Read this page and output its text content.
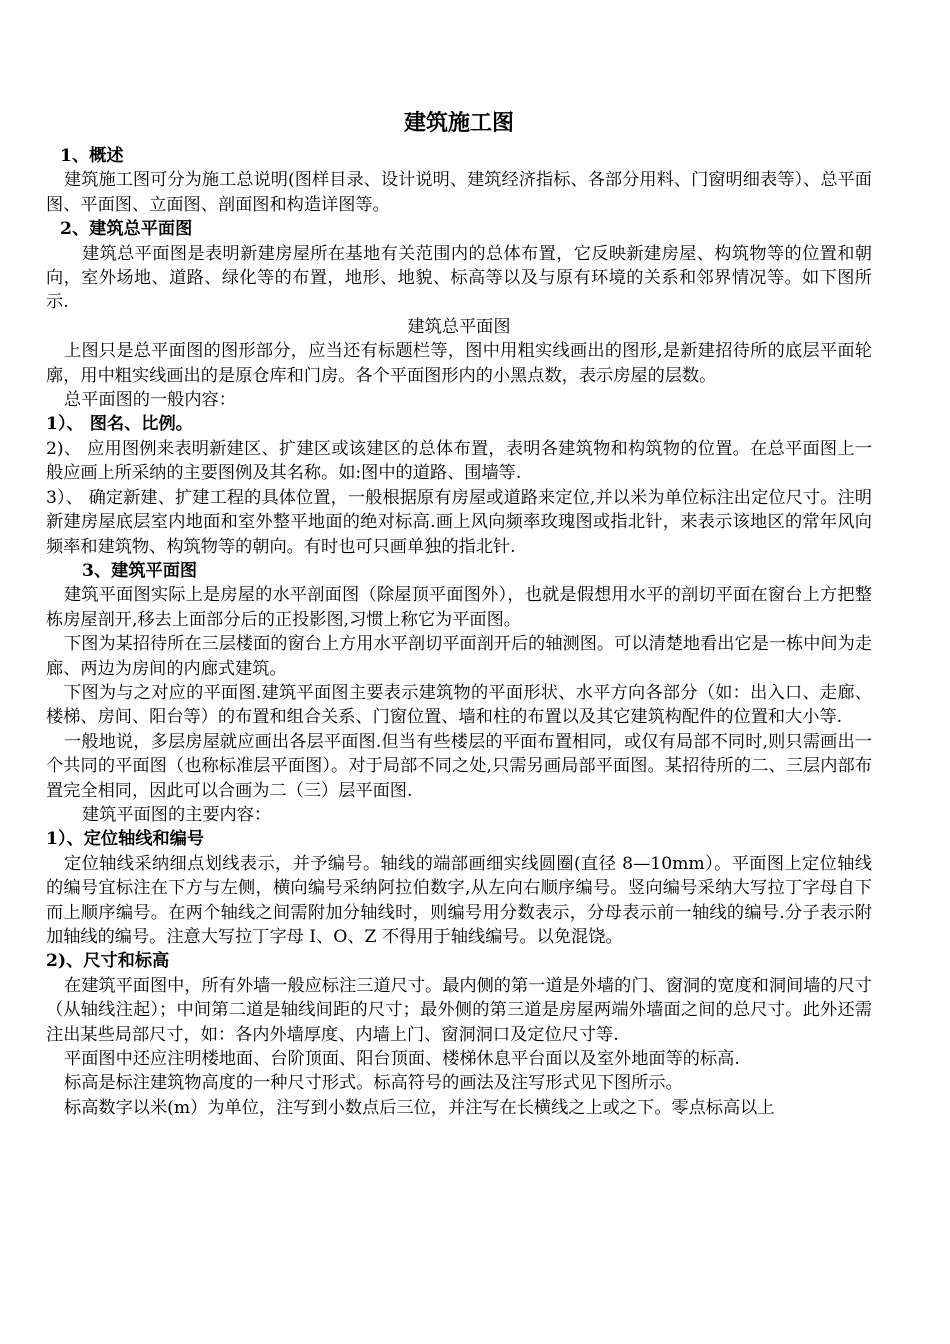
建筑施工图

1、概述

建筑施工图可分为施工总说明(图样目录、设计说明、建筑经济指标、各部分用料、门窗明细表等）、总平面图、平面图、立面图、剖面图和构造详图等。

2、建筑总平面图

建筑总平面图是表明新建房屋所在基地有关范围内的总体布置，它反映新建房屋、构筑物等的位置和朝向，室外场地、道路、绿化等的布置，地形、地貌、标高等以及与原有环境的关系和邻界情况等。如下图所示.

建筑总平面图

上图只是总平面图的图形部分，应当还有标题栏等，图中用粗实线画出的图形,是新建招待所的底层平面轮廓，用中粗实线画出的是原仓库和门房。各个平面图形内的小黑点数，表示房屋的层数。

总平面图的一般内容：

1）、 图名、比例。

2)、 应用图例来表明新建区、扩建区或该建区的总体布置，表明各建筑物和构筑物的位置。在总平面图上一般应画上所采纳的主要图例及其名称。如:图中的道路、围墙等.

3）、 确定新建、扩建工程的具体位置，一般根据原有房屋或道路来定位,并以米为单位标注出定位尺寸。注明新建房屋底层室内地面和室外整平地面的绝对标高.画上风向频率玫瑰图或指北针，来表示该地区的常年风向频率和建筑物、构筑物等的朝向。有时也可只画单独的指北针.

3、建筑平面图

建筑平面图实际上是房屋的水平剖面图（除屋顶平面图外），也就是假想用水平的剖切平面在窗台上方把整栋房屋剖开,移去上面部分后的正投影图,习惯上称它为平面图。

下图为某招待所在三层楼面的窗台上方用水平剖切平面剖开后的轴测图。可以清楚地看出它是一栋中间为走廊、两边为房间的内廊式建筑。

下图为与之对应的平面图.建筑平面图主要表示建筑物的平面形状、水平方向各部分（如：出入口、走廊、楼梯、房间、阳台等）的布置和组合关系、门窗位置、墙和柱的布置以及其它建筑构配件的位置和大小等.

一般地说，多层房屋就应画出各层平面图.但当有些楼层的平面布置相同，或仅有局部不同时,则只需画出一个共同的平面图（也称标准层平面图）。对于局部不同之处,只需另画局部平面图。某招待所的二、三层内部布置完全相同，因此可以合画为二（三）层平面图.

建筑平面图的主要内容：

1）、定位轴线和编号

定位轴线采纳细点划线表示，并予编号。轴线的端部画细实线圆圈(直径 8—10mm）。平面图上定位轴线的编号宜标注在下方与左侧，横向编号采纳阿拉伯数字,从左向右顺序编号。竖向编号采纳大写拉丁字母自下而上顺序编号。在两个轴线之间需附加分轴线时，则编号用分数表示，分母表示前一轴线的编号.分子表示附加轴线的编号。注意大写拉丁字母 I、O、Z 不得用于轴线编号。以免混饶。

2)、尺寸和标高

在建筑平面图中，所有外墙一般应标注三道尺寸。最内侧的第一道是外墙的门、窗洞的宽度和洞间墙的尺寸（从轴线注起）；中间第二道是轴线间距的尺寸；最外侧的第三道是房屋两端外墙面之间的总尺寸。此外还需注出某些局部尺寸，如：各内外墙厚度、内墙上门、窗洞洞口及定位尺寸等.

平面图中还应注明楼地面、台阶顶面、阳台顶面、楼梯休息平台面以及室外地面等的标高.

标高是标注建筑物高度的一种尺寸形式。标高符号的画法及注写形式见下图所示。

标高数字以米(m）为单位，注写到小数点后三位，并注写在长横线之上或之下。零点标高以上
